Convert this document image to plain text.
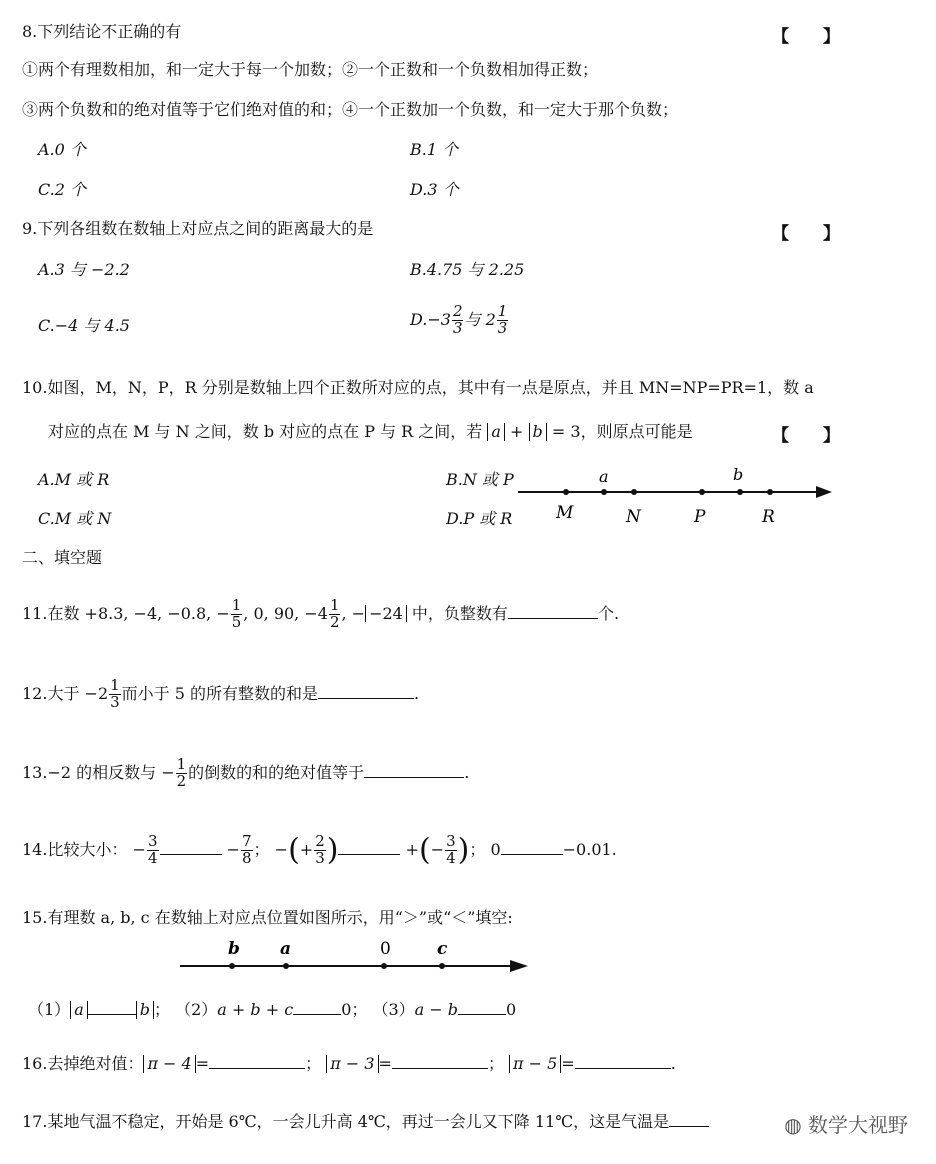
8.下列结论不正确的有	【　　】
①两个有理数相加，和一定大于每一个加数；②一个正数和一个负数相加得正数；
③两个负数和的绝对值等于它们绝对值的和；④一个正数加一个负数，和一定大于那个负数；
A.0 个	B.1 个
C.2 个	D.3 个
9.下列各组数在数轴上对应点之间的距离最大的是	【　　】
A.3 与 −2.2	B.4.75 与 2.25
C.−4 与 4.5	$D.-3 \frac{2}{3}$ 与 $2 \frac{1}{3}$
10.如图，M，N，P，R 分别是数轴上四个正数所对应的点，其中有一点是原点，并且 MN=NP=PR=1，数 a
对应的点在 M 与 N 之间，数 b 对应的点在 P 与 R 之间，若 a + b = 3，则原点可能是	【　　】
A.M 或 R	B.N 或 P
C.M 或 N	D.P 或 R
a	b
M	N	P	R
二、填空题
11.在数 +8.3, −4, −0.8, − $\frac{1}{5}$ , 0, 90, $-4 \frac{1}{2}$ , − −24 中，负整数有	个.
12.大于 $-2 \frac{1}{3}$ 而小于 5 的所有整数的和是	.
13.−2 的相反数与 − $\frac{1}{2}$ 的倒数的和的绝对值等于	.
14.比较大小： − $\frac{3}{4}$	− $\frac{7}{8}$ ； −(+ $\frac{2}{3}$ )	+(− $\frac{3}{4}$ )； 0	−0.01.
15.有理数 a, b, c 在数轴上对应点位置如图所示，用“＞”或“＜”填空:
b a	0	c
（1） a	b ； （2）a + b + c	0； （3）a − b	0
16.去掉绝对值： π − 4 =	； π − 3 =	； π − 5 =	.
17.某地气温不稳定，开始是 6℃，一会儿升高 4℃，再过一会儿又下降 11℃，这是气温是	◍ 数学大视野
